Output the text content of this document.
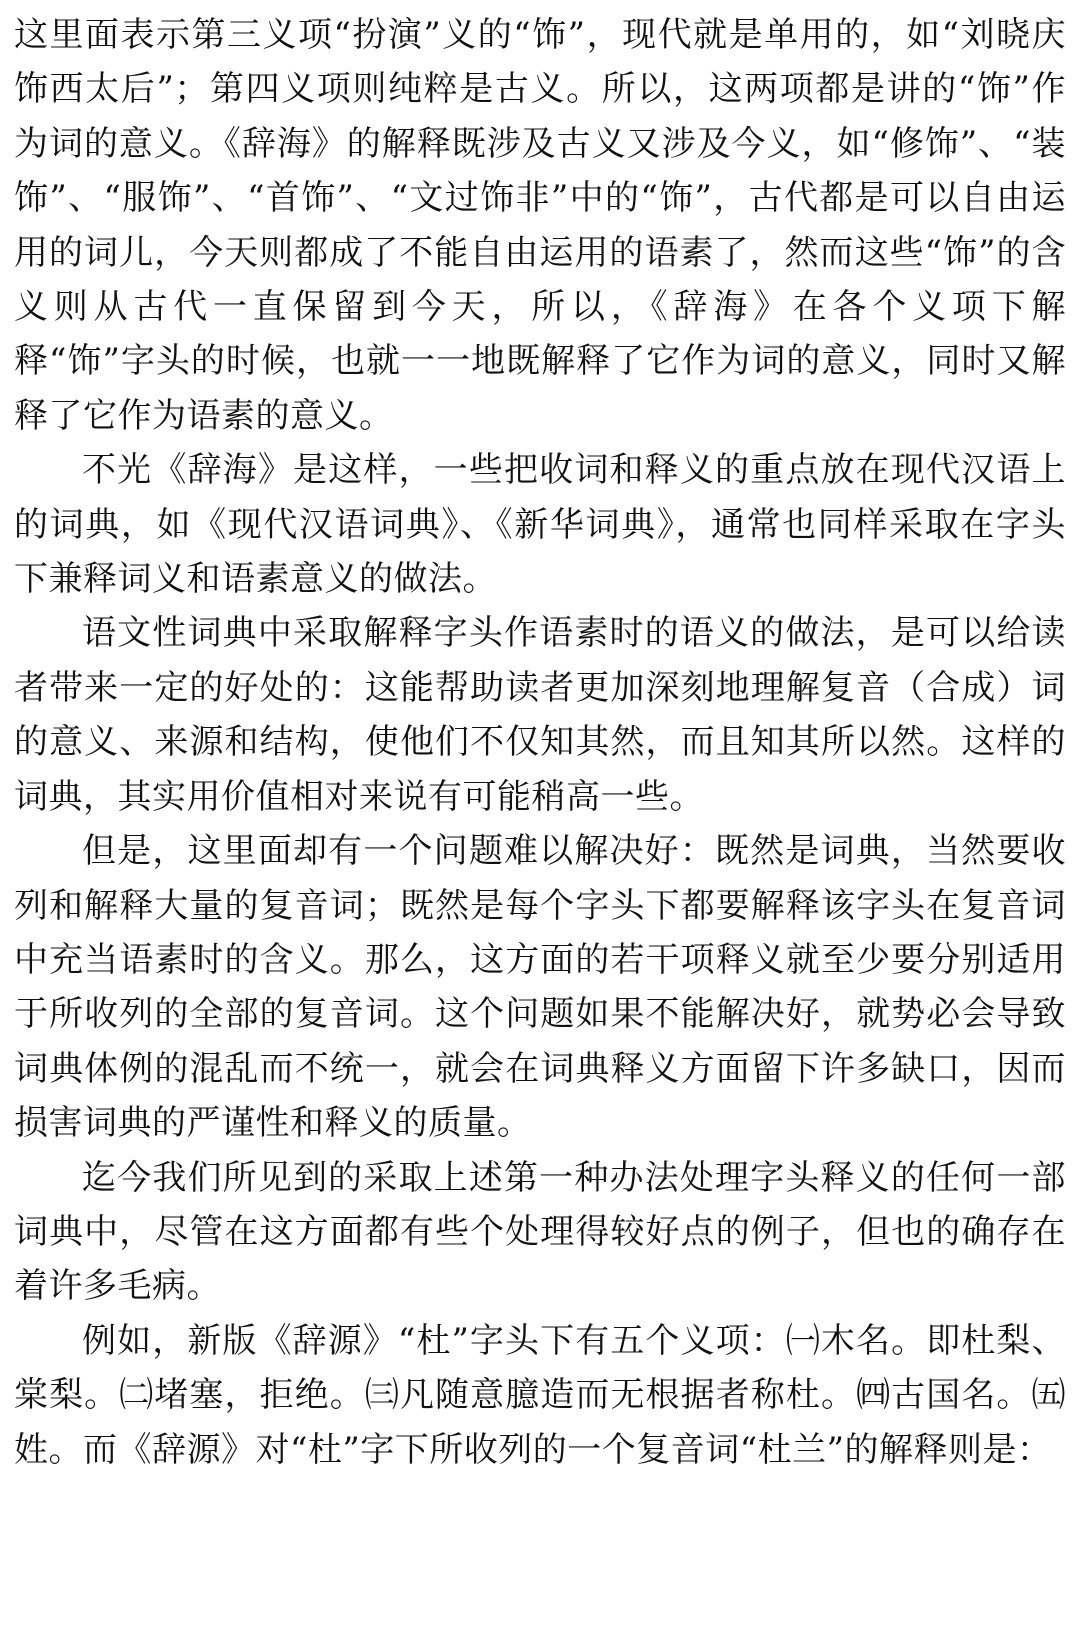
这里面表示第三义项“扮演”义的“饰”，现代就是单用的，如“刘晓庆饰西太后”；第四义项则纯粹是古义。所以，这两项都是讲的“饰”作为词的意义。《辞海》的解释既涉及古义又涉及今义，如“修饰”、“装饰”、“服饰”、“首饰”、“文过饰非”中的“饰”，古代都是可以自由运用的词儿，今天则都成了不能自由运用的语素了，然而这些“饰”的含义则从古代一直保留到今天，所以，《辞海》在各个义项下解释“饰”字头的时候，也就一一地既解释了它作为词的意义，同时又解释了它作为语素的意义。

不光《辞海》是这样，一些把收词和释义的重点放在现代汉语上的词典，如《现代汉语词典》、《新华词典》，通常也同样采取在字头下兼释词义和语素意义的做法。

语文性词典中采取解释字头作语素时的语义的做法，是可以给读者带来一定的好处的：这能帮助读者更加深刻地理解复音（合成）词的意义、来源和结构，使他们不仅知其然，而且知其所以然。这样的词典，其实用价值相对来说有可能稍高一些。

但是，这里面却有一个问题难以解决好：既然是词典，当然要收列和解释大量的复音词；既然是每个字头下都要解释该字头在复音词中充当语素时的含义。那么，这方面的若干项释义就至少要分别适用于所收列的全部的复音词。这个问题如果不能解决好，就势必会导致词典体例的混乱而不统一，就会在词典释义方面留下许多缺口，因而损害词典的严谨性和释义的质量。

迄今我们所见到的采取上述第一种办法处理字头释义的任何一部词典中，尽管在这方面都有些个处理得较好点的例子，但也的确存在着许多毛病。

例如，新版《辞源》“杜”字头下有五个义项：㈠木名。即杜梨、棠梨。㈡堵塞，拒绝。㈢凡随意臆造而无根据者称杜。㈣古国名。㈤姓。而《辞源》对“杜”字下所收列的一个复音词“杜兰”的解释则是：
